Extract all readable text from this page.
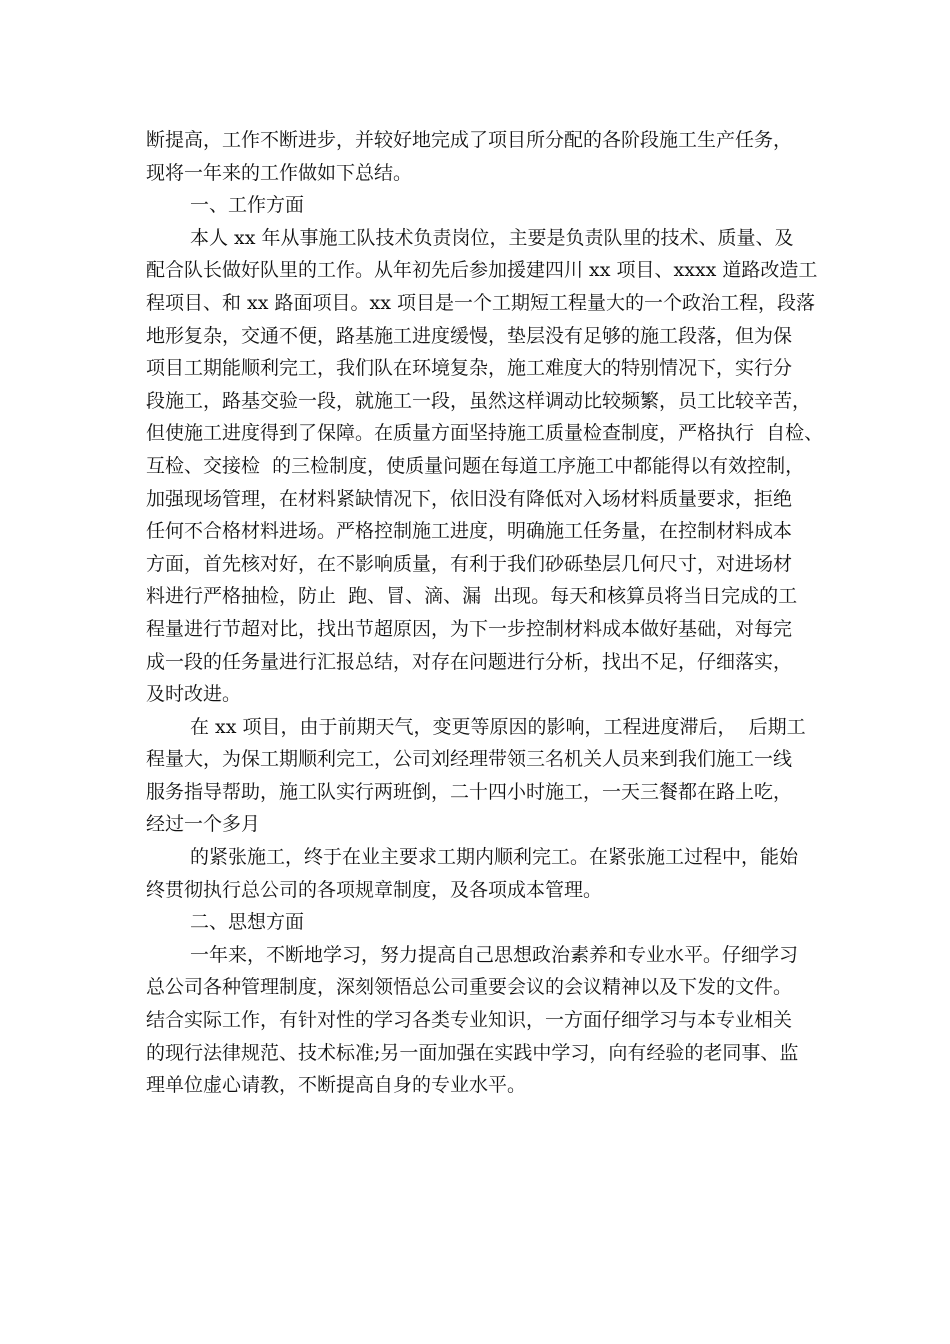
断提高，工作不断进步，并较好地完成了项目所分配的各阶段施工生产任务，
现将一年来的工作做如下总结。
一、工作方面
本人 xx 年从事施工队技术负责岗位，主要是负责队里的技术、质量、及
配合队长做好队里的工作。从年初先后参加援建四川 xx 项目、xxxx 道路改造工
程项目、和 xx 路面项目。xx 项目是一个工期短工程量大的一个政治工程，段落
地形复杂，交通不便，路基施工进度缓慢，垫层没有足够的施工段落，但为保
项目工期能顺利完工，我们队在环境复杂，施工难度大的特别情况下，实行分
段施工，路基交验一段，就施工一段，虽然这样调动比较频繁，员工比较辛苦，
但使施工进度得到了保障。在质量方面坚持施工质量检查制度，严格执行  自检、
互检、交接检  的三检制度，使质量问题在每道工序施工中都能得以有效控制，
加强现场管理，在材料紧缺情况下，依旧没有降低对入场材料质量要求，拒绝
任何不合格材料进场。严格控制施工进度，明确施工任务量，在控制材料成本
方面，首先核对好，在不影响质量，有利于我们砂砾垫层几何尺寸，对进场材
料进行严格抽检，防止  跑、冒、滴、漏  出现。每天和核算员将当日完成的工
程量进行节超对比，找出节超原因，为下一步控制材料成本做好基础，对每完
成一段的任务量进行汇报总结，对存在问题进行分析，找出不足，仔细落实，
及时改进。
在 xx 项目，由于前期天气，变更等原因的影响，工程进度滞后，  后期工
程量大，为保工期顺利完工，公司刘经理带领三名机关人员来到我们施工一线
服务指导帮助，施工队实行两班倒，二十四小时施工，一天三餐都在路上吃，
经过一个多月
的紧张施工，终于在业主要求工期内顺利完工。在紧张施工过程中，能始
终贯彻执行总公司的各项规章制度，及各项成本管理。
二、思想方面
一年来，不断地学习，努力提高自己思想政治素养和专业水平。仔细学习
总公司各种管理制度，深刻领悟总公司重要会议的会议精神以及下发的文件。
结合实际工作，有针对性的学习各类专业知识，一方面仔细学习与本专业相关
的现行法律规范、技术标准;另一面加强在实践中学习，向有经验的老同事、监
理单位虚心请教，不断提高自身的专业水平。
